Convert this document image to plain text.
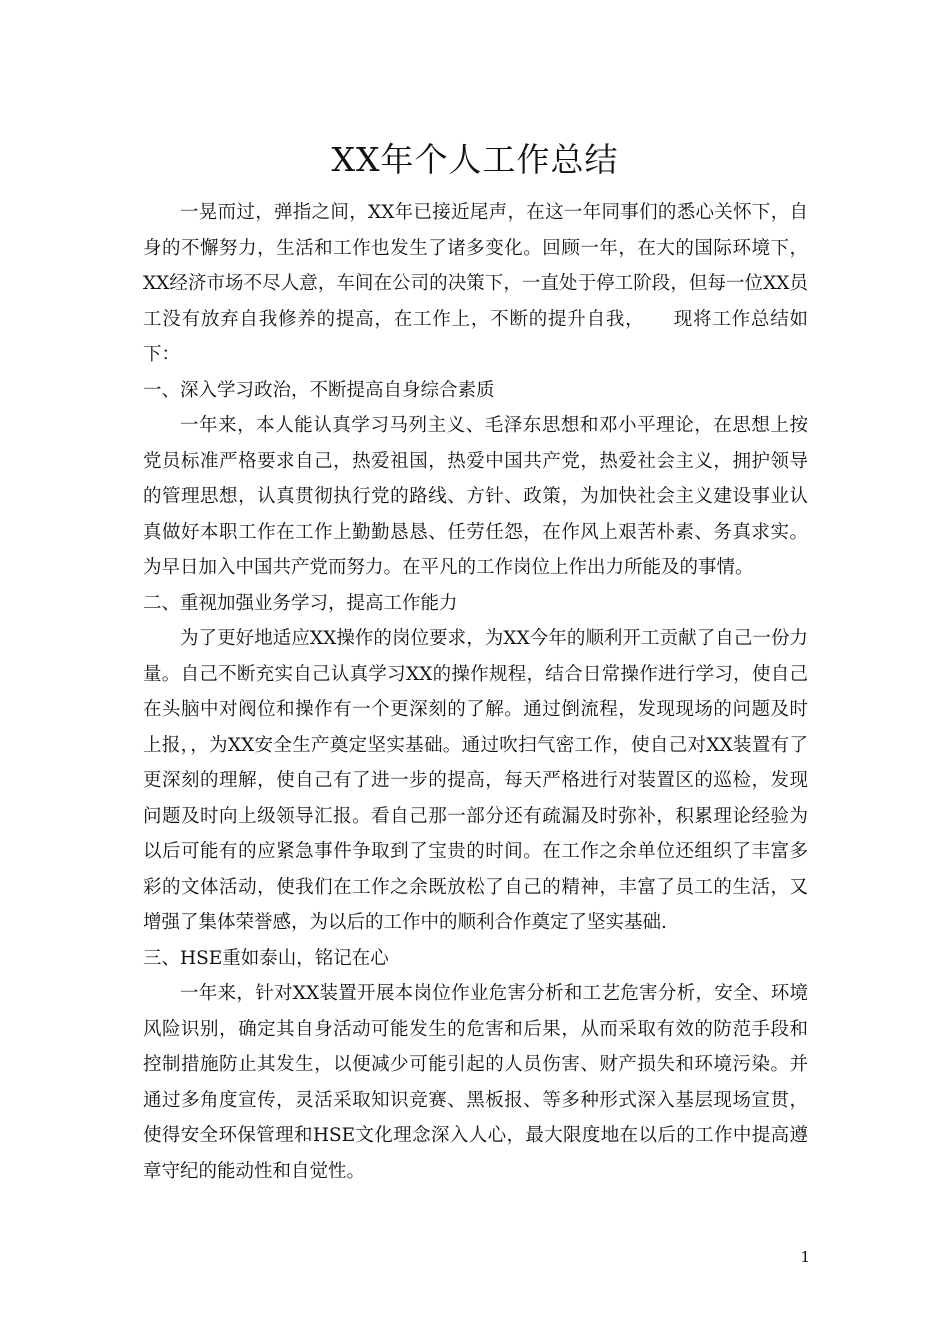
XX年个人工作总结

一晃而过，弹指之间，XX年已接近尾声，在这一年同事们的悉心关怀下，自身的不懈努力，生活和工作也发生了诸多变化。回顾一年，在大的国际环境下，XX经济市场不尽人意，车间在公司的决策下，一直处于停工阶段，但每一位XX员工没有放弃自我修养的提高，在工作上，不断的提升自我，　　现将工作总结如下：

一、深入学习政治，不断提高自身综合素质

一年来，本人能认真学习马列主义、毛泽东思想和邓小平理论，在思想上按党员标准严格要求自己，热爱祖国，热爱中国共产党，热爱社会主义，拥护领导的管理思想，认真贯彻执行党的路线、方针、政策，为加快社会主义建设事业认真做好本职工作在工作上勤勤恳恳、任劳任怨，在作风上艰苦朴素、务真求实。为早日加入中国共产党而努力。在平凡的工作岗位上作出力所能及的事情。

二、重视加强业务学习，提高工作能力

为了更好地适应XX操作的岗位要求，为XX今年的顺利开工贡献了自己一份力量。自己不断充实自己认真学习XX的操作规程，结合日常操作进行学习，使自己在头脑中对阀位和操作有一个更深刻的了解。通过倒流程，发现现场的问题及时上报，，为XX安全生产奠定坚实基础。通过吹扫气密工作，使自己对XX装置有了更深刻的理解，使自己有了进一步的提高，每天严格进行对装置区的巡检，发现问题及时向上级领导汇报。看自己那一部分还有疏漏及时弥补，积累理论经验为以后可能有的应紧急事件争取到了宝贵的时间。在工作之余单位还组织了丰富多彩的文体活动，使我们在工作之余既放松了自己的精神，丰富了员工的生活，又增强了集体荣誉感，为以后的工作中的顺利合作奠定了坚实基础.

三、HSE重如泰山，铭记在心

一年来，针对XX装置开展本岗位作业危害分析和工艺危害分析，安全、环境风险识别，确定其自身活动可能发生的危害和后果，从而采取有效的防范手段和控制措施防止其发生，以便减少可能引起的人员伤害、财产损失和环境污染。并通过多角度宣传，灵活采取知识竞赛、黑板报、等多种形式深入基层现场宣贯，使得安全环保管理和HSE文化理念深入人心，最大限度地在以后的工作中提高遵章守纪的能动性和自觉性。

1
